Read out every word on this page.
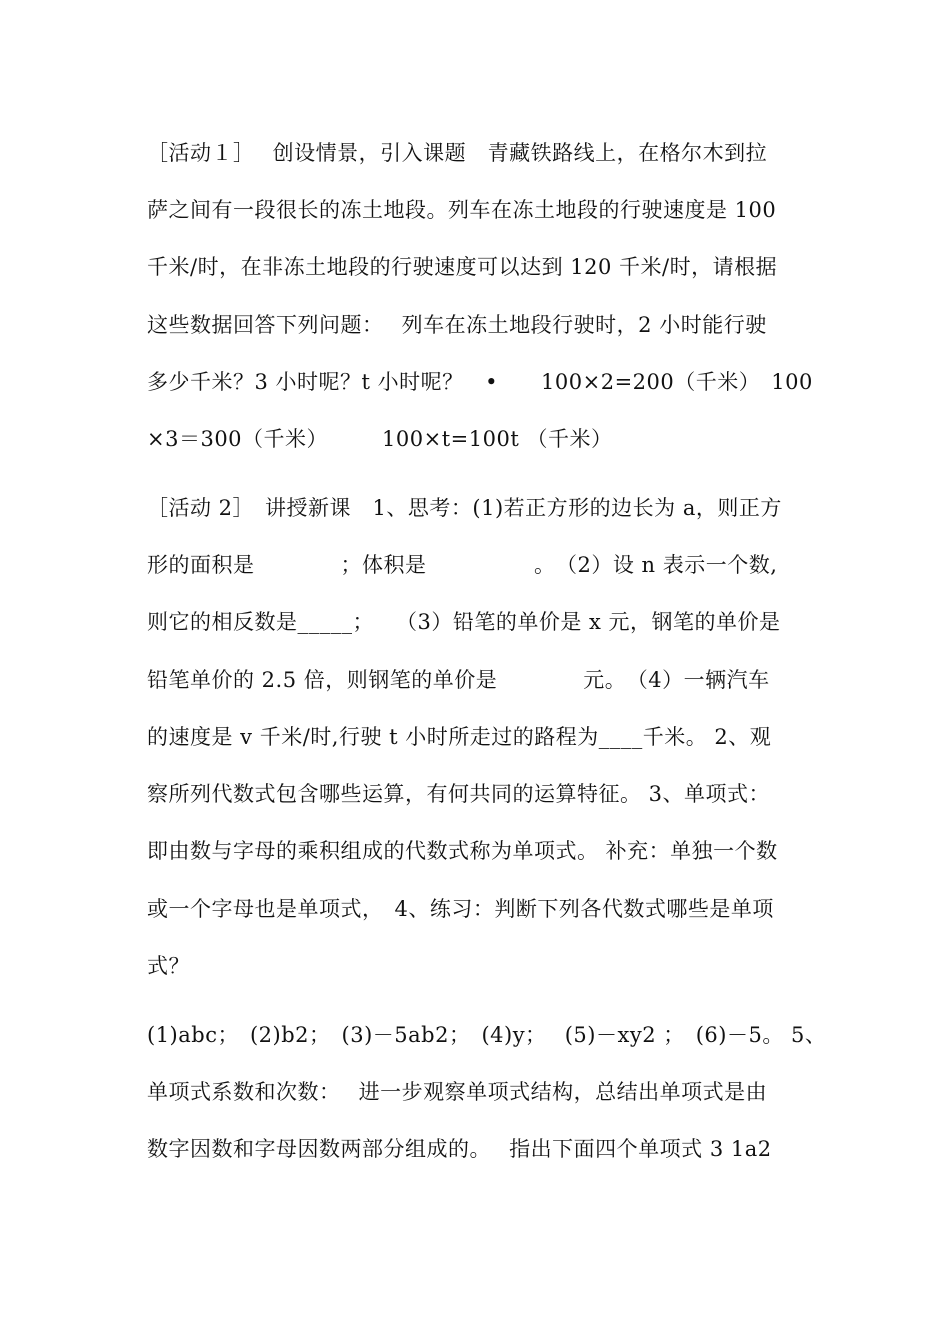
［活动１］　 创设情景，引入课题　青藏铁路线上，在格尔木到拉
萨之间有一段很长的冻土地段。列车在冻土地段的行驶速度是 100
千米/时，在非冻土地段的行驶速度可以达到 120 千米/时，请根据
这些数据回答下列问题：　 列车在冻土地段行驶时，2 小时能行驶
多少千米？3 小时呢？t 小时呢？　•　　100×2=200（千米）　100
×3＝300（千米）　　　100×t=100t （千米）
［活动 2］　讲授新课　1、思考：(1)若正方形的边长为 a，则正方
形的面积是　　　　；体积是　　　　　。　（2）设 n 表示一个数,
则它的相反数是_____；　　（3）铅笔的单价是 x 元，钢笔的单价是
铅笔单价的 2.5 倍，则钢笔的单价是　　　　元。　（4）一辆汽车
的速度是 v 千米/时,行驶 t 小时所走过的路程为____千米。 2、观
察所列代数式包含哪些运算，有何共同的运算特征。 3、单项式：
即由数与字母的乘积组成的代数式称为单项式。 补充：单独一个数
或一个字母也是单项式，　4、练习：判断下列各代数式哪些是单项
式？
(1)abc；　(2)b2；　(3)－5ab2；　(4)y；　 (5)－xy2 ；　(6)－5。 5、
单项式系数和次数：　 进一步观察单项式结构，总结出单项式是由
数字因数和字母因数两部分组成的。　 指出下面四个单项式 3 1a2
